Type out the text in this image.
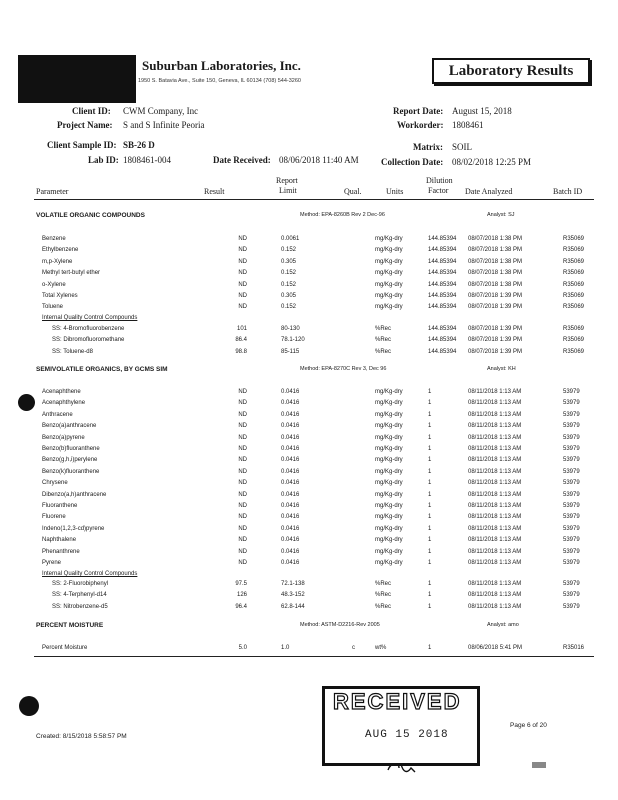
Suburban Laboratories, Inc.
1950 S. Batavia Ave., Suite 150, Geneva, IL 60134 (708) 544-3260
Laboratory Results
Client ID: CWM Company, Inc
Project Name: S and S Infinite Peoria
Report Date: August 15, 2018
Workorder: 1808461
Client Sample ID: SB-26 D
Lab ID: 1808461-004	Date Received: 08/06/2018 11:40 AM
Matrix: SOIL
Collection Date: 08/02/2018 12:25 PM
Parameter	Result
Report
Limit	Qual.	Units
Dilution
Factor Date Analyzed	Batch ID
VOLATILE ORGANIC COMPOUNDS	Method: EPA-8260B Rev 2 Dec-96	Analyst: SJ
Benzene	ND	0.0061	mg/Kg-dry	144.85394 08/07/2018 1:38 PM	R35069
Ethylbenzene	ND	0.152	mg/Kg-dry	144.85394 08/07/2018 1:38 PM	R35069
m,p-Xylene	ND	0.305	mg/Kg-dry	144.85394 08/07/2018 1:38 PM	R35069
Methyl tert-butyl ether	ND	0.152	mg/Kg-dry	144.85394 08/07/2018 1:38 PM	R35069
o-Xylene	ND	0.152	mg/Kg-dry	144.85394 08/07/2018 1:38 PM	R35069
Total Xylenes	ND	0.305	mg/Kg-dry	144.85394 08/07/2018 1:39 PM	R35069
Toluene	ND	0.152	mg/Kg-dry	144.85394 08/07/2018 1:39 PM	R35069
Internal Quality Control Compounds
SS: 4-Bromofluorobenzene	101	80-130	%Rec	144.85394 08/07/2018 1:39 PM	R35069
SS: Dibromofluoromethane	86.4	78.1-120	%Rec	144.85394 08/07/2018 1:39 PM	R35069
SS: Toluene-d8	98.8	85-115	%Rec	144.85394 08/07/2018 1:39 PM	R35069
SEMIVOLATILE ORGANICS, BY GCMS SIM	Method: EPA-8270C Rev 3, Dec 96	Analyst: KH
Acenaphthene	ND	0.0416	mg/Kg-dry	1	08/11/2018 1:13 AM	53979
Acenaphthylene	ND	0.0416	mg/Kg-dry	1	08/11/2018 1:13 AM	53979
Anthracene	ND	0.0416	mg/Kg-dry	1	08/11/2018 1:13 AM	53979
Benzo(a)anthracene	ND	0.0416	mg/Kg-dry	1	08/11/2018 1:13 AM	53979
Benzo(a)pyrene	ND	0.0416	mg/Kg-dry	1	08/11/2018 1:13 AM	53979
Benzo(b)fluoranthene	ND	0.0416	mg/Kg-dry	1	08/11/2018 1:13 AM	53979
Benzo(g,h,i)perylene	ND	0.0416	mg/Kg-dry	1	08/11/2018 1:13 AM	53979
Benzo(k)fluoranthene	ND	0.0416	mg/Kg-dry	1	08/11/2018 1:13 AM	53979
Chrysene	ND	0.0416	mg/Kg-dry	1	08/11/2018 1:13 AM	53979
Dibenzo(a,h)anthracene	ND	0.0416	mg/Kg-dry	1	08/11/2018 1:13 AM	53979
Fluoranthene	ND	0.0416	mg/Kg-dry	1	08/11/2018 1:13 AM	53979
Fluorene	ND	0.0416	mg/Kg-dry	1	08/11/2018 1:13 AM	53979
Indeno(1,2,3-cd)pyrene	ND	0.0416	mg/Kg-dry	1	08/11/2018 1:13 AM	53979
Naphthalene	ND	0.0416	mg/Kg-dry	1	08/11/2018 1:13 AM	53979
Phenanthrene	ND	0.0416	mg/Kg-dry	1	08/11/2018 1:13 AM	53979
Pyrene	ND	0.0416	mg/Kg-dry	1	08/11/2018 1:13 AM	53979
Internal Quality Control Compounds
SS: 2-Fluorobiphenyl	97.5	72.1-138	%Rec	1	08/11/2018 1:13 AM	53979
SS: 4-Terphenyl-d14	126	48.3-152	%Rec	1	08/11/2018 1:13 AM	53979
SS: Nitrobenzene-d5	96.4	62.8-144	%Rec	1	08/11/2018 1:13 AM	53979
PERCENT MOISTURE	Method: ASTM-D2216-Rev 2005	Analyst: amo
Percent Moisture	5.0	1.0	c	wt%	1	08/06/2018 5:41 PM	R35016
RECEIVED
AUG 15 2018
Created: 8/15/2018 5:58:57 PM
Page 6 of 20
